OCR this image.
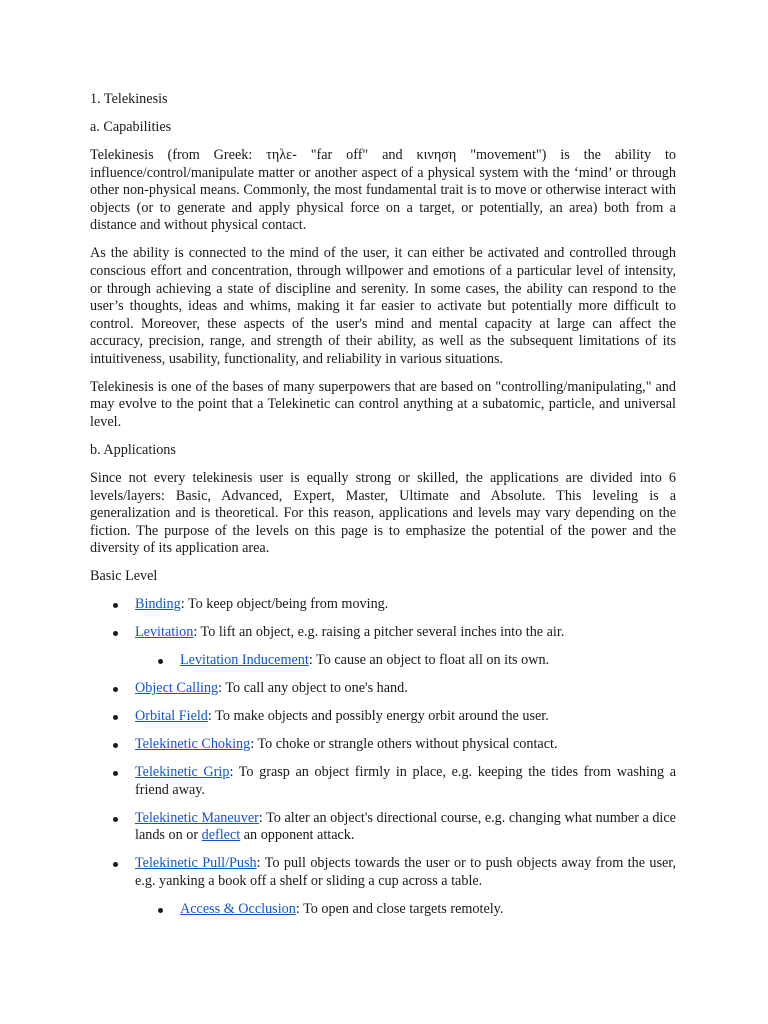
1. Telekinesis

a. Capabilities

Telekinesis (from Greek: τηλε- "far off" and κινηση "movement") is the ability to influence/control/manipulate matter or another aspect of a physical system with the ‘mind’ or through other non-physical means. Commonly, the most fundamental trait is to move or otherwise interact with objects (or to generate and apply physical force on a target, or potentially, an area) both from a distance and without physical contact.

As the ability is connected to the mind of the user, it can either be activated and controlled through conscious effort and concentration, through willpower and emotions of a particular level of intensity, or through achieving a state of discipline and serenity. In some cases, the ability can respond to the user’s thoughts, ideas and whims, making it far easier to activate but potentially more difficult to control. Moreover, these aspects of the user's mind and mental capacity at large can affect the accuracy, precision, range, and strength of their ability, as well as the subsequent limitations of its intuitiveness, usability, functionality, and reliability in various situations.

Telekinesis is one of the bases of many superpowers that are based on "controlling/manipulating," and may evolve to the point that a Telekinetic can control anything at a subatomic, particle, and universal level.

b. Applications

Since not every telekinesis user is equally strong or skilled, the applications are divided into 6 levels/layers: Basic, Advanced, Expert, Master, Ultimate and Absolute. This leveling is a generalization and is theoretical. For this reason, applications and levels may vary depending on the fiction. The purpose of the levels on this page is to emphasize the potential of the power and the diversity of its application area.

Basic Level

Binding: To keep object/being from moving.
Levitation: To lift an object, e.g. raising a pitcher several inches into the air.
Levitation Inducement: To cause an object to float all on its own.
Object Calling: To call any object to one's hand.
Orbital Field: To make objects and possibly energy orbit around the user.
Telekinetic Choking: To choke or strangle others without physical contact.
Telekinetic Grip: To grasp an object firmly in place, e.g. keeping the tides from washing a friend away.
Telekinetic Maneuver: To alter an object's directional course, e.g. changing what number a dice lands on or deflect an opponent attack.
Telekinetic Pull/Push: To pull objects towards the user or to push objects away from the user, e.g. yanking a book off a shelf or sliding a cup across a table.
Access & Occlusion: To open and close targets remotely.
